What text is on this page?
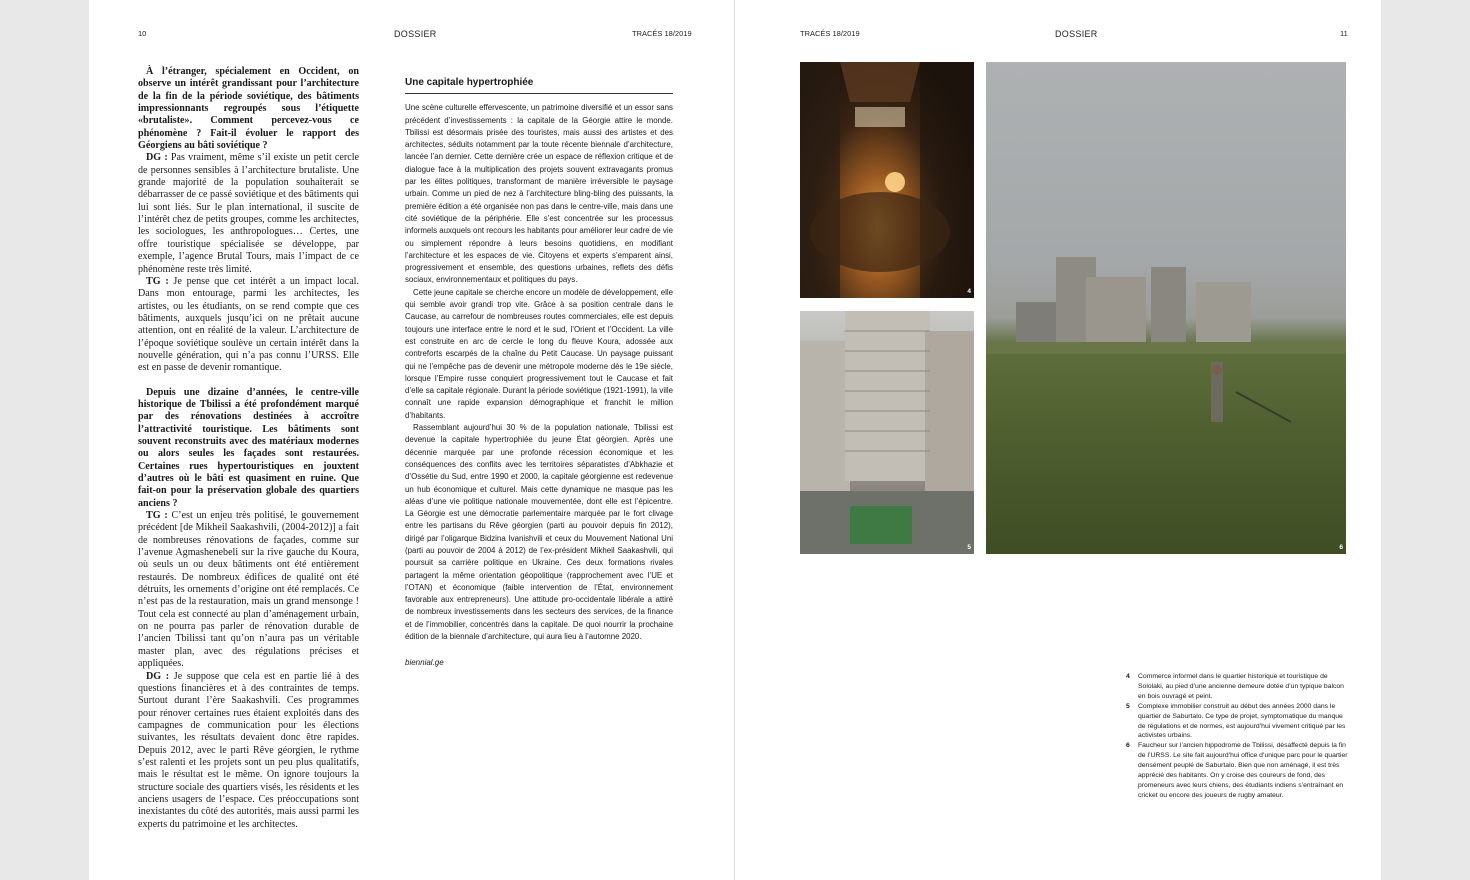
10	DOSSIER	TRACÉS 18/2019	TRACÉS 18/2019	DOSSIER	11

À l’étranger, spécialement en Occident, on observe un intérêt grandissant pour l’architecture de la fin de la période soviétique, des bâtiments impressionnants regroupés sous l’étiquette «brutaliste». Comment percevez-vous ce phénomène ? Fait-il évoluer le rapport des Géorgiens au bâti soviétique ?

DG : Pas vraiment, même s’il existe un petit cercle de personnes sensibles à l’architecture brutaliste. Une grande majorité de la population souhaiterait se débarrasser de ce passé soviétique et des bâtiments qui lui sont liés. Sur le plan international, il suscite de l’intérêt chez de petits groupes, comme les architectes, les sociologues, les anthropologues… Certes, une offre touristique spécialisée se développe, par exemple, l’agence Brutal Tours, mais l’impact de ce phénomène reste très limité.

TG : Je pense que cet intérêt a un impact local. Dans mon entourage, parmi les architectes, les artistes, ou les étudiants, on se rend compte que ces bâtiments, auxquels jusqu’ici on ne prêtait aucune attention, ont en réalité de la valeur. L’architecture de l’époque soviétique soulève un certain intérêt dans la nouvelle génération, qui n’a pas connu l’URSS. Elle est en passe de devenir romantique.

Depuis une dizaine d’années, le centre-ville historique de Tbilissi a été profondément marqué par des rénovations destinées à accroître l’attractivité touristique. Les bâtiments sont souvent reconstruits avec des matériaux modernes ou alors seules les façades sont restaurées. Certaines rues hypertouristiques en jouxtent d’autres où le bâti est quasiment en ruine. Que fait-on pour la préservation globale des quartiers anciens ?

TG : C’est un enjeu très politisé, le gouvernement précédent [de Mikheil Saakashvili, (2004-2012)] a fait de nombreuses rénovations de façades, comme sur l’avenue Agmashenebeli sur la rive gauche du Koura, où seuls un ou deux bâtiments ont été entièrement restaurés. De nombreux édifices de qualité ont été détruits, les ornements d’origine ont été remplacés. Ce n’est pas de la restauration, mais un grand mensonge ! Tout cela est connecté au plan d’aménagement urbain, on ne pourra pas parler de rénovation durable de l’ancien Tbilissi tant qu’on n’aura pas un véritable master plan, avec des régulations précises et appliquées.

DG : Je suppose que cela est en partie lié à des questions financières et à des contraintes de temps. Surtout durant l’ère Saakashvili. Ces programmes pour rénover certaines rues étaient exploités dans des campagnes de communication pour les élections suivantes, les résultats devaient donc être rapides. Depuis 2012, avec le parti Rêve géorgien, le rythme s’est ralenti et les projets sont un peu plus qualitatifs, mais le résultat est le même. On ignore toujours la structure sociale des quartiers visés, les résidents et les anciens usagers de l’espace. Ces préoccupations sont inexistantes du côté des autorités, mais aussi parmi les experts du patrimoine et les architectes.

Une capitale hypertrophiée

Une scène culturelle effervescente, un patrimoine diversifié et un essor sans précédent d’investissements : la capitale de la Géorgie attire le monde. Tbilissi est désormais prisée des touristes, mais aussi des artistes et des architectes, séduits notamment par la toute récente biennale d’architecture, lancée l’an dernier. Cette dernière crée un espace de réflexion critique et de dialogue face à la multiplication des projets souvent extravagants promus par les élites politiques, transformant de manière irréversible le paysage urbain. Comme un pied de nez à l’architecture bling-bling des puissants, la première édition a été organisée non pas dans le centre-ville, mais dans une cité soviétique de la périphérie. Elle s’est concentrée sur les processus informels auxquels ont recours les habitants pour améliorer leur cadre de vie ou simplement répondre à leurs besoins quotidiens, en modifiant l’architecture et les espaces de vie. Citoyens et experts s’emparent ainsi, progressivement et ensemble, des questions urbaines, reflets des défis sociaux, environnementaux et politiques du pays.

Cette jeune capitale se cherche encore un modèle de développement, elle qui semble avoir grandi trop vite. Grâce à sa position centrale dans le Caucase, au carrefour de nombreuses routes commerciales, elle est depuis toujours une interface entre le nord et le sud, l’Orient et l’Occident. La ville est construite en arc de cercle le long du fleuve Koura, adossée aux contreforts escarpés de la chaîne du Petit Caucase. Un paysage puissant qui ne l’empêche pas de devenir une métropole moderne dès le 19e siècle, lorsque l’Empire russe conquiert progressivement tout le Caucase et fait d’elle sa capitale régionale. Durant la période soviétique (1921-1991), la ville connaît une rapide expansion démographique et franchit le million d’habitants.

Rassemblant aujourd’hui 30 % de la population nationale, Tbilissi est devenue la capitale hypertrophiée du jeune État géorgien. Après une décennie marquée par une profonde récession économique et les conséquences des conflits avec les territoires séparatistes d’Abkhazie et d’Ossétie du Sud, entre 1990 et 2000, la capitale géorgienne est redevenue un hub économique et culturel. Mais cette dynamique ne masque pas les aléas d’une vie politique nationale mouvementée, dont elle est l’épicentre. La Géorgie est une démocratie parlementaire marquée par le fort clivage entre les partisans du Rêve géorgien (parti au pouvoir depuis fin 2012), dirigé par l’oligarque Bidzina Ivanishvili et ceux du Mouvement National Uni (parti au pouvoir de 2004 à 2012) de l’ex-président Mikheil Saakashvili, qui poursuit sa carrière politique en Ukraine. Ces deux formations rivales partagent la même orientation géopolitique (rapprochement avec l’UE et l’OTAN) et économique (faible intervention de l’État, environnement favorable aux entrepreneurs). Une attitude pro-occidentale libérale a attiré de nombreux investissements dans les secteurs des services, de la finance et de l’immobilier, concentrés dans la capitale. De quoi nourrir la prochaine édition de la biennale d’architecture, qui aura lieu à l’automne 2020.

biennial.ge
4
5	6
4	Commerce informel dans le quartier historique et touristique de Sololaki, au pied d’une ancienne demeure dotée d’un typique balcon en bois ouvragé et peint.
5	Complexe immobilier construit au début des années 2000 dans le quartier de Saburtalo. Ce type de projet, symptomatique du manque de régulations et de normes, est aujourd’hui vivement critiqué par les activistes urbains.
6	Faucheur sur l’ancien hippodrome de Tbilissi, désaffecté depuis la fin de l’URSS. Le site fait aujourd’hui office d’unique parc pour le quartier densément peuplé de Saburtalo. Bien que non aménagé, il est très apprécié des habitants. On y croise des coureurs de fond, des promeneurs avec leurs chiens, des étudiants indiens s’entraînant en cricket ou encore des joueurs de rugby amateur.
